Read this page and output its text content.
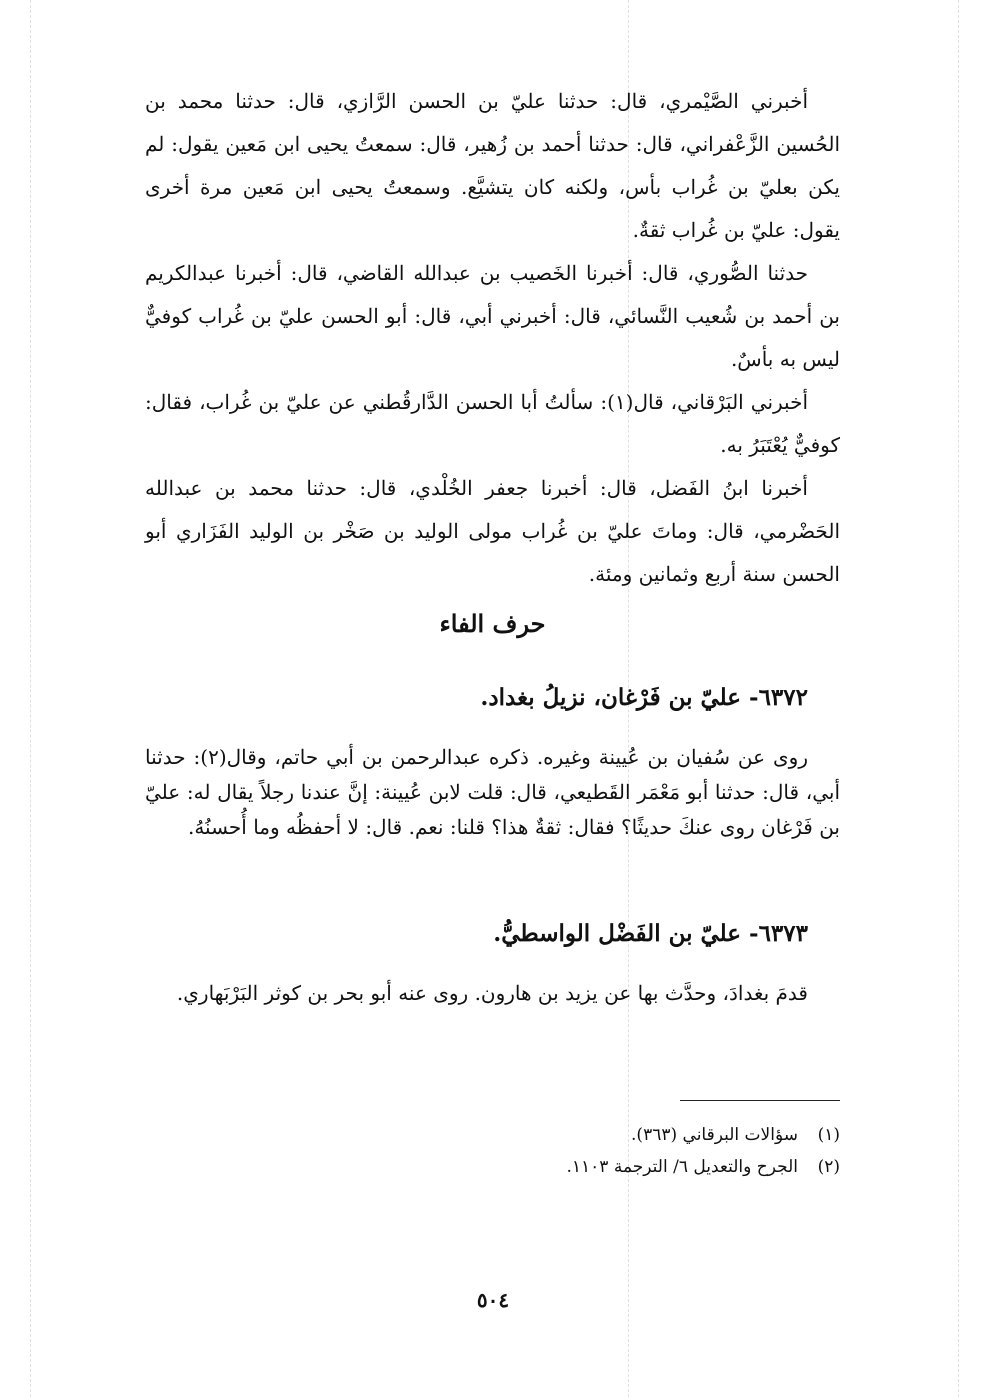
أخبرني الصَّيْمري، قال: حدثنا عليّ بن الحسن الرَّازي، قال: حدثنا محمد بن الحُسين الزَّعْفراني، قال: حدثنا أحمد بن زُهير، قال: سمعتُ يحيى ابن مَعين يقول: لم يكن بعليّ بن غُراب بأس، ولكنه كان يتشيَّع. وسمعتُ يحيى ابن مَعين مرة أخرى يقول: عليّ بن غُراب ثقةٌ.

حدثنا الصُّوري، قال: أخبرنا الخَصيب بن عبدالله القاضي، قال: أخبرنا عبدالكريم بن أحمد بن شُعيب النَّسائي، قال: أخبرني أبي، قال: أبو الحسن عليّ بن غُراب كوفيٌّ ليس به بأسٌ.

أخبرني البَرْقاني، قال(١): سألتُ أبا الحسن الدَّارقُطني عن عليّ بن غُراب، فقال: كوفيٌّ يُعْتَبَرُ به.

أخبرنا ابنُ الفَضل، قال: أخبرنا جعفر الخُلْدي، قال: حدثنا محمد بن عبدالله الحَضْرمي، قال: وماتَ عليّ بن غُراب مولى الوليد بن صَخْر بن الوليد الفَزَاري أبو الحسن سنة أربع وثمانين ومئة.

حرف الفاء

٦٣٧٢- عليّ بن فَرْغان، نزيلُ بغداد.

روى عن سُفيان بن عُيينة وغيره. ذكره عبدالرحمن بن أبي حاتم، وقال(٢): حدثنا أبي، قال: حدثنا أبو مَعْمَر القَطيعي، قال: قلت لابن عُيينة: إنَّ عندنا رجلاً يقال له: عليّ بن فَرْغان روى عنكَ حديثًا؟ فقال: ثقةٌ هذا؟ قلنا: نعم. قال: لا أحفظُه وما أُحسنُهُ.

٦٣٧٣- عليّ بن الفَضْل الواسطيُّ.

قدمَ بغدادَ، وحدَّث بها عن يزيد بن هارون. روى عنه أبو بحر بن كوثر البَرْبَهاري.

(١)سؤالات البرقاني (٣٦٣).
(٢)الجرح والتعديل ٦/ الترجمة ١١٠٣.
٥٠٤
